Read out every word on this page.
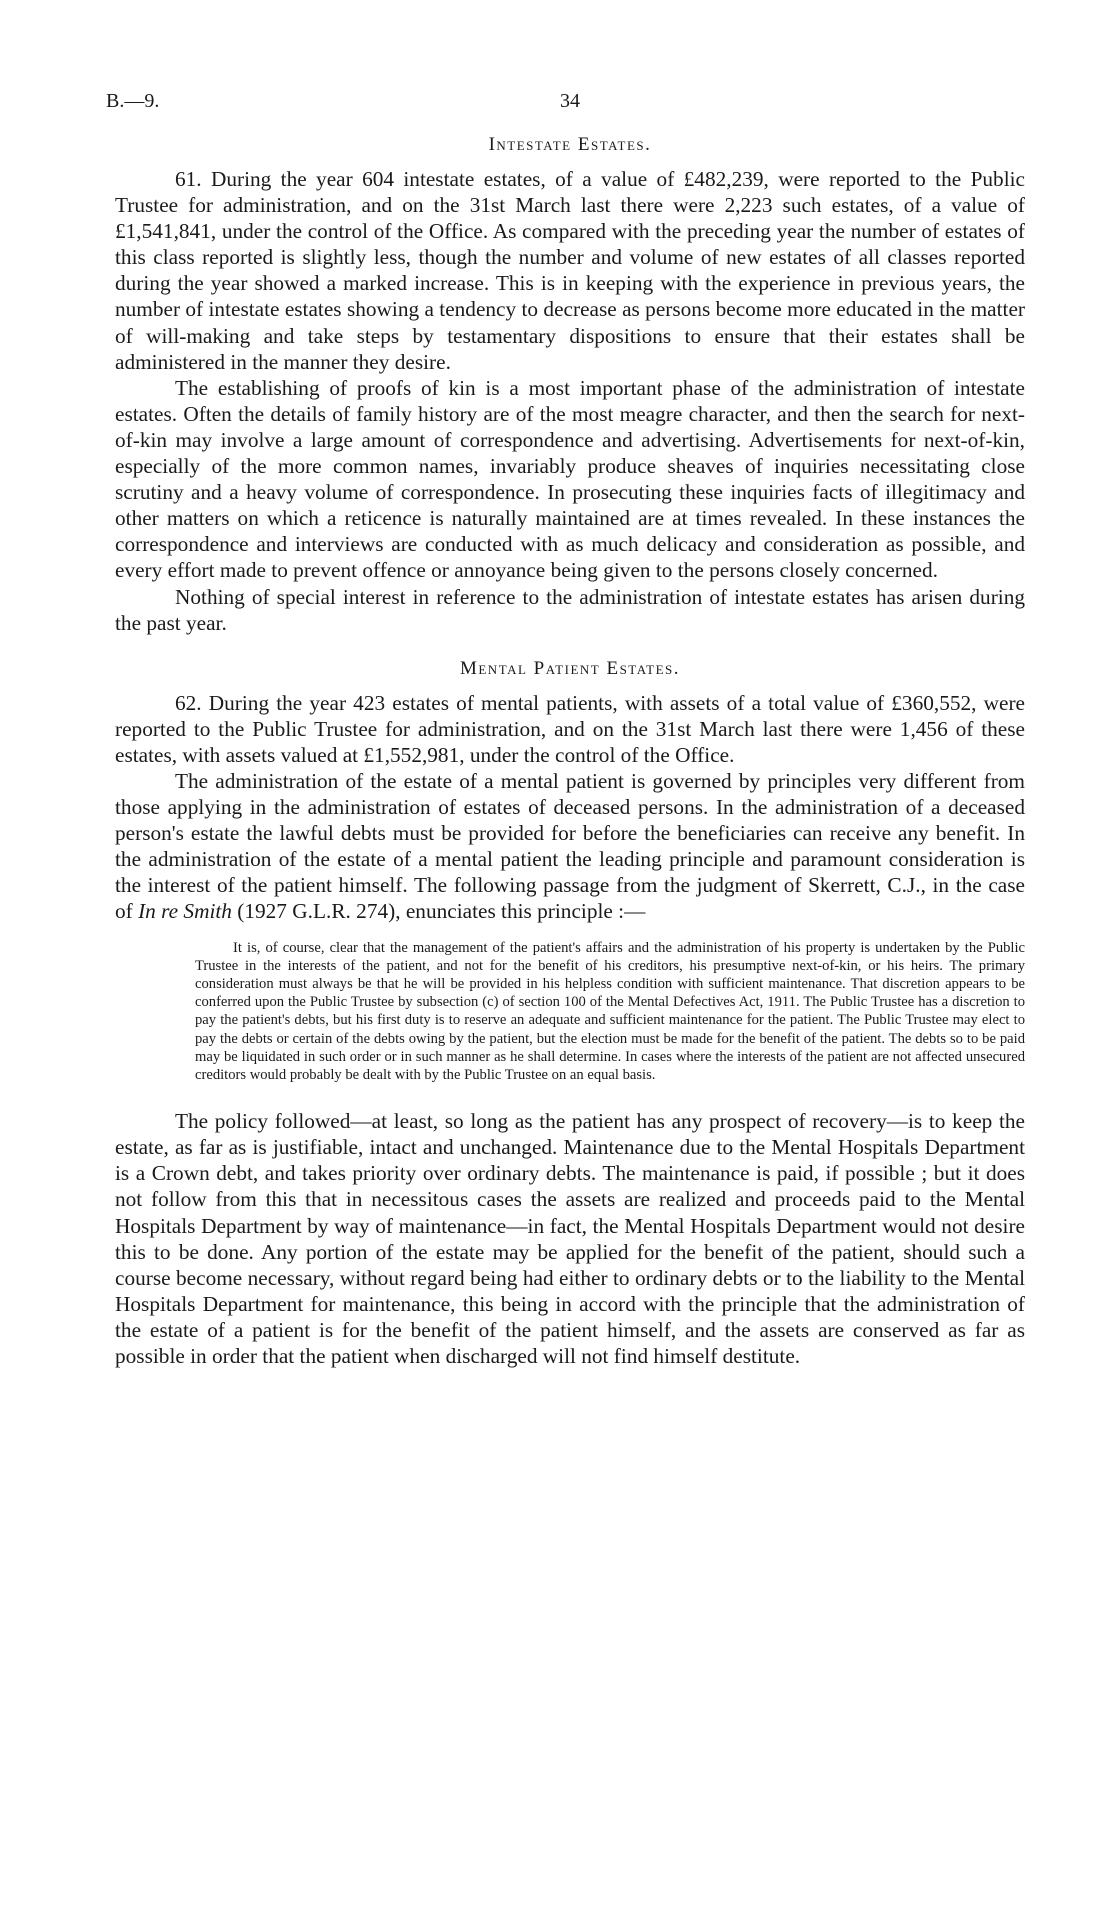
B.—9.	34
Intestate Estates.

61. During the year 604 intestate estates, of a value of £482,239, were reported to the Public Trustee for administration, and on the 31st March last there were 2,223 such estates, of a value of £1,541,841, under the control of the Office. As compared with the preceding year the number of estates of this class reported is slightly less, though the number and volume of new estates of all classes reported during the year showed a marked increase. This is in keeping with the experience in previous years, the number of intestate estates showing a tendency to decrease as persons become more educated in the matter of will-making and take steps by testamentary dispositions to ensure that their estates shall be administered in the manner they desire.

The establishing of proofs of kin is a most important phase of the administration of intestate estates. Often the details of family history are of the most meagre character, and then the search for next-of-kin may involve a large amount of correspondence and advertising. Advertisements for next-of-kin, especially of the more common names, invariably produce sheaves of inquiries necessitating close scrutiny and a heavy volume of correspondence. In prosecuting these inquiries facts of illegitimacy and other matters on which a reticence is naturally maintained are at times revealed. In these instances the correspondence and interviews are conducted with as much delicacy and consideration as possible, and every effort made to prevent offence or annoyance being given to the persons closely concerned.

Nothing of special interest in reference to the administration of intestate estates has arisen during the past year.

Mental Patient Estates.

62. During the year 423 estates of mental patients, with assets of a total value of £360,552, were reported to the Public Trustee for administration, and on the 31st March last there were 1,456 of these estates, with assets valued at £1,552,981, under the control of the Office.

The administration of the estate of a mental patient is governed by principles very different from those applying in the administration of estates of deceased persons. In the administration of a deceased person's estate the lawful debts must be provided for before the beneficiaries can receive any benefit. In the administration of the estate of a mental patient the leading principle and paramount consideration is the interest of the patient himself. The following passage from the judgment of Skerrett, C.J., in the case of In re Smith (1927 G.L.R. 274), enunciates this principle :—

It is, of course, clear that the management of the patient's affairs and the administration of his property is undertaken by the Public Trustee in the interests of the patient, and not for the benefit of his creditors, his presumptive next-of-kin, or his heirs. The primary consideration must always be that he will be provided in his helpless condition with sufficient maintenance. That discretion appears to be conferred upon the Public Trustee by subsection (c) of section 100 of the Mental Defectives Act, 1911. The Public Trustee has a discretion to pay the patient's debts, but his first duty is to reserve an adequate and sufficient maintenance for the patient. The Public Trustee may elect to pay the debts or certain of the debts owing by the patient, but the election must be made for the benefit of the patient. The debts so to be paid may be liquidated in such order or in such manner as he shall determine. In cases where the interests of the patient are not affected unsecured creditors would probably be dealt with by the Public Trustee on an equal basis.

The policy followed—at least, so long as the patient has any prospect of recovery—is to keep the estate, as far as is justifiable, intact and unchanged. Maintenance due to the Mental Hospitals Department is a Crown debt, and takes priority over ordinary debts. The maintenance is paid, if possible ; but it does not follow from this that in necessitous cases the assets are realized and proceeds paid to the Mental Hospitals Department by way of maintenance—in fact, the Mental Hospitals Department would not desire this to be done. Any portion of the estate may be applied for the benefit of the patient, should such a course become necessary, without regard being had either to ordinary debts or to the liability to the Mental Hospitals Department for maintenance, this being in accord with the principle that the administration of the estate of a patient is for the benefit of the patient himself, and the assets are conserved as far as possible in order that the patient when discharged will not find himself destitute.
